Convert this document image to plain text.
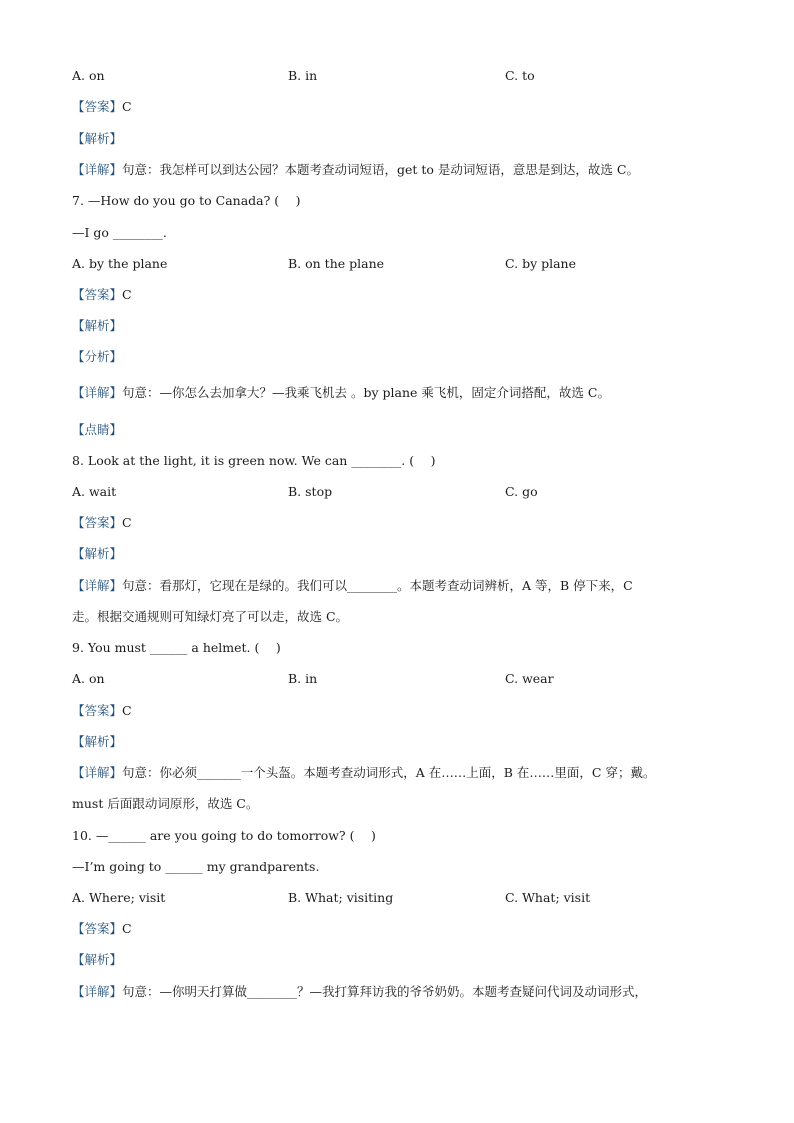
A. on	B. in	C. to
【答案】C
【解析】
【详解】句意：我怎样可以到达公园？本题考查动词短语，get to 是动词短语，意思是到达，故选 C。
7. —How do you go to Canada? (　 )
—I go ________.
A. by the plane	B. on the plane	C. by plane
【答案】C
【解析】
【分析】
【详解】句意：—你怎么去加拿大？—我乘飞机去 。by plane 乘飞机，固定介词搭配，故选 C。
【点睛】
8. Look at the light, it is green now. We can ________. (　 )
A. wait	B. stop	C. go
【答案】C
【解析】
【详解】句意：看那灯，它现在是绿的。我们可以________。本题考查动词辨析，A 等，B 停下来，C
走。根据交通规则可知绿灯亮了可以走，故选 C。
9. You must ______ a helmet. (　 )
A. on	B. in	C. wear
【答案】C
【解析】
【详解】句意：你必须_______一个头盔。本题考查动词形式，A 在……上面，B 在……里面，C 穿；戴。
must 后面跟动词原形，故选 C。
10. —______ are you going to do tomorrow? (　 )
—I’m going to ______ my grandparents.
A. Where; visit	B. What; visiting	C. What; visit
【答案】C
【解析】
【详解】句意：—你明天打算做________？—我打算拜访我的爷爷奶奶。本题考查疑问代词及动词形式，
